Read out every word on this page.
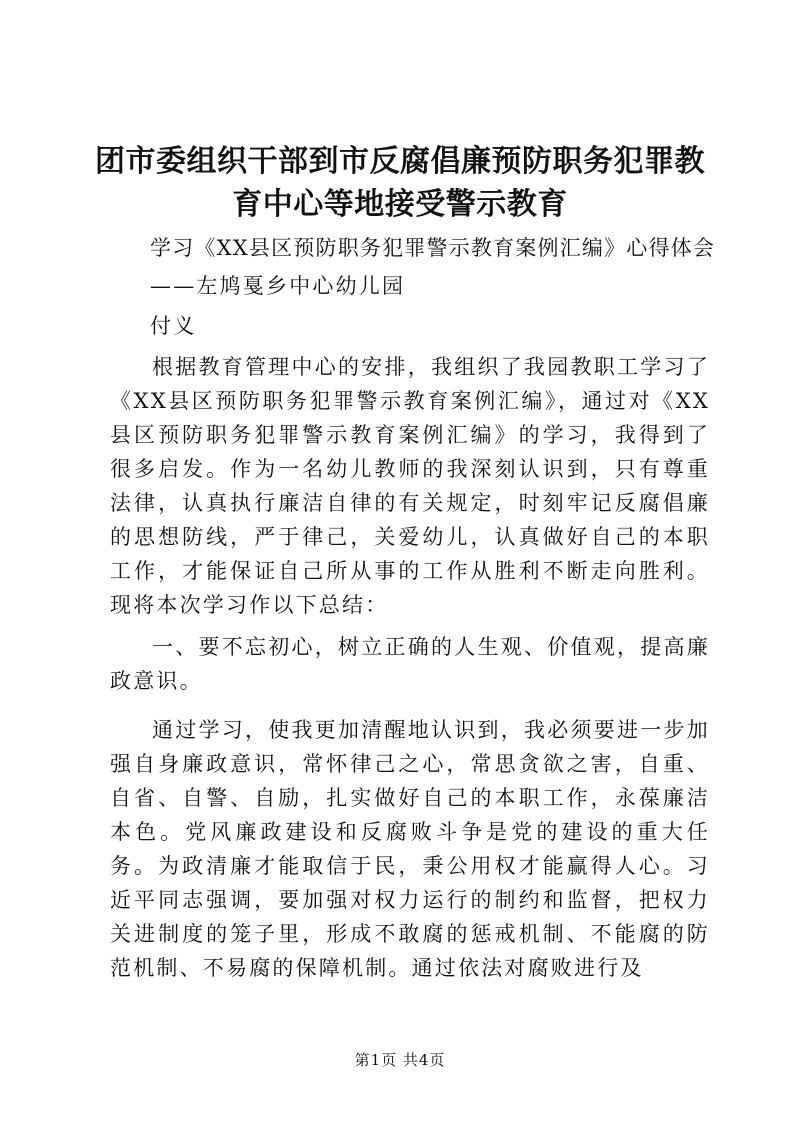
团市委组织干部到市反腐倡廉预防职务犯罪教育中心等地接受警示教育
学习《XX县区预防职务犯罪警示教育案例汇编》心得体会
——左鸠戛乡中心幼儿园
付义
根据教育管理中心的安排，我组织了我园教职工学习了《XX县区预防职务犯罪警示教育案例汇编》，通过对《XX县区预防职务犯罪警示教育案例汇编》的学习，我得到了很多启发。作为一名幼儿教师的我深刻认识到，只有尊重法律，认真执行廉洁自律的有关规定，时刻牢记反腐倡廉的思想防线，严于律己，关爱幼儿，认真做好自己的本职工作，才能保证自己所从事的工作从胜利不断走向胜利。现将本次学习作以下总结：
一、要不忘初心，树立正确的人生观、价值观，提高廉政意识。
通过学习，使我更加清醒地认识到，我必须要进一步加强自身廉政意识，常怀律己之心，常思贪欲之害，自重、自省、自警、自励，扎实做好自己的本职工作，永葆廉洁本色。党风廉政建设和反腐败斗争是党的建设的重大任务。为政清廉才能取信于民，秉公用权才能赢得人心。习近平同志强调，要加强对权力运行的制约和监督，把权力关进制度的笼子里，形成不敢腐的惩戒机制、不能腐的防范机制、不易腐的保障机制。通过依法对腐败进行及
第1页 共4页
